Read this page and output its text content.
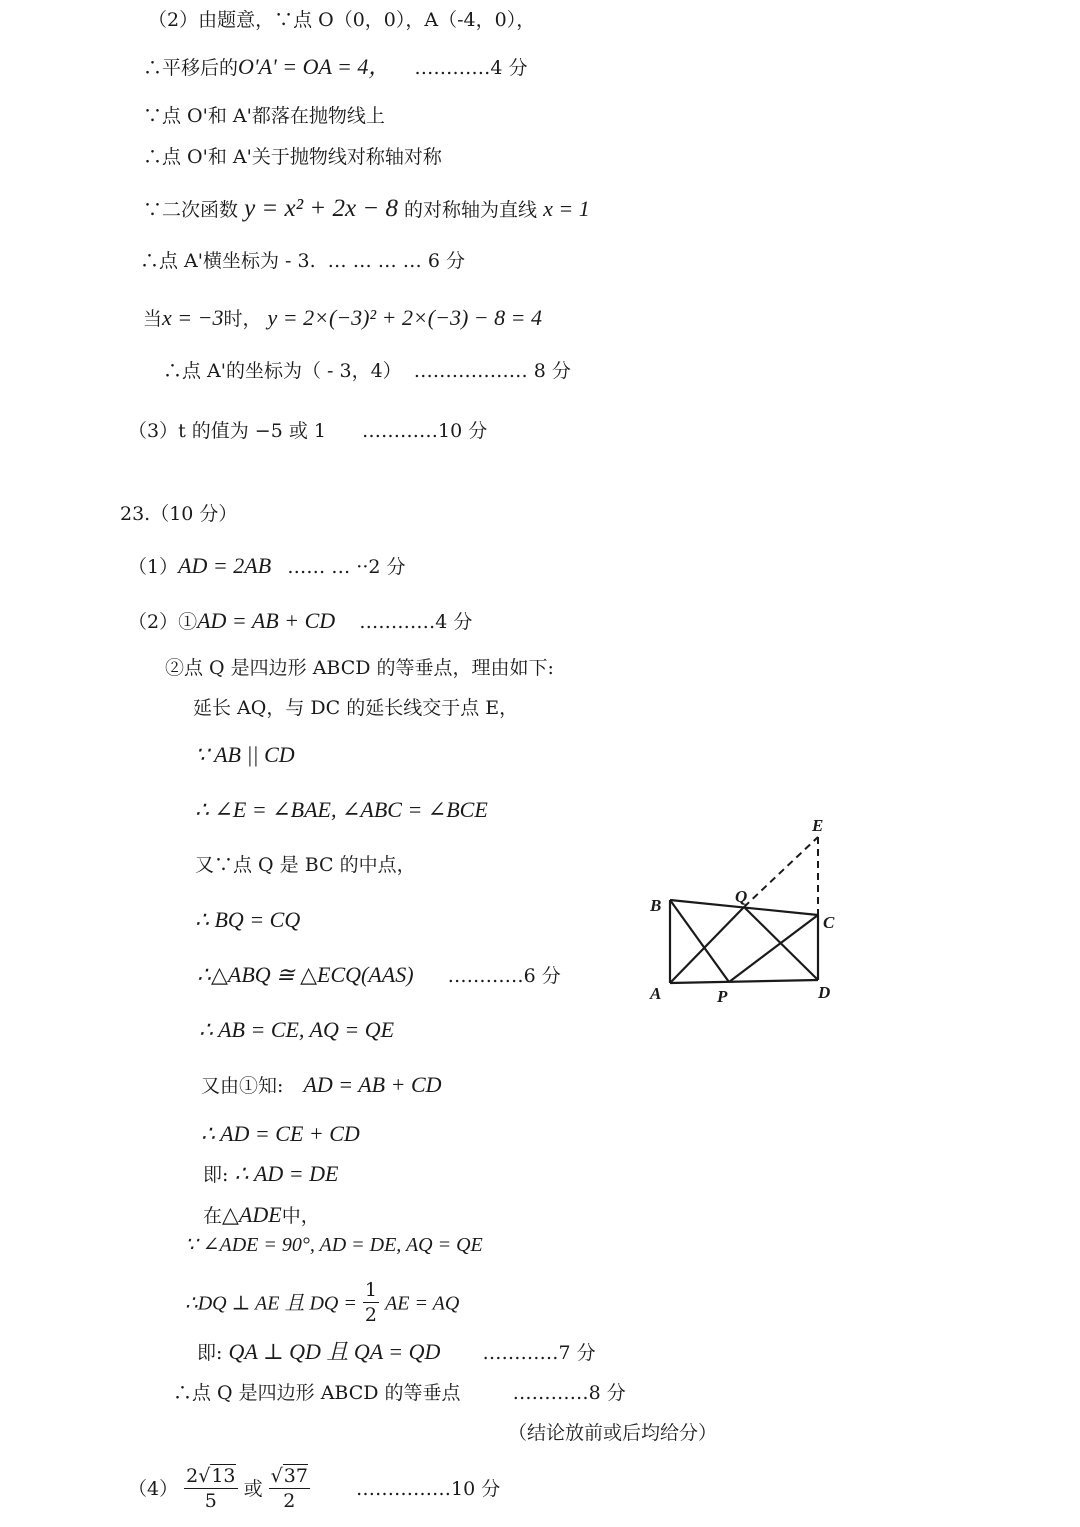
（2）由题意，∵点 O（0，0），A（-4，0），
∴平移后的O'A' = OA = 4， …………4 分
∵点 O'和 A'都落在抛物线上
∴点 O'和 A'关于抛物线对称轴对称
∵二次函数 y = x² + 2x − 8 的对称轴为直线 x = 1
∴点 A'横坐标为 - 3. … … … … 6 分
当x = −3时， y = 2×(−3)² + 2×(−3) − 8 = 4
∴点 A'的坐标为（ - 3，4） ……………… 8 分
（3）t 的值为 −5 或 1 …………10 分
23.（10 分）
（1）AD = 2AB …… … ··2 分
（2）①AD = AB + CD …………4 分
②点 Q 是四边形 ABCD 的等垂点，理由如下:
延长 AQ，与 DC 的延长线交于点 E，
∵ AB || CD
∴ ∠E = ∠BAE, ∠ABC = ∠BCE
又∵点 Q 是 BC 的中点，
∴ BQ = CQ
∴△ABQ ≅ △ECQ(AAS) …………6 分
∴ AB = CE, AQ = QE
又由①知: AD = AB + CD
∴ AD = CE + CD
即: ∴ AD = DE
在△ADE中，
∵ ∠ADE = 90°, AD = DE, AQ = QE
∴DQ ⊥ AE 且 DQ = $\frac{1}{2}$ AE = AQ
即: QA ⊥ QD 且 QA = QD …………7 分
∴点 Q 是四边形 ABCD 的等垂点	…………8 分
（结论放前或后均给分）
$(4) \frac{2√13}{5}$ 或 $\frac{√37}{2}$ ……………10 分
E
Q
B
C
A	P	D
